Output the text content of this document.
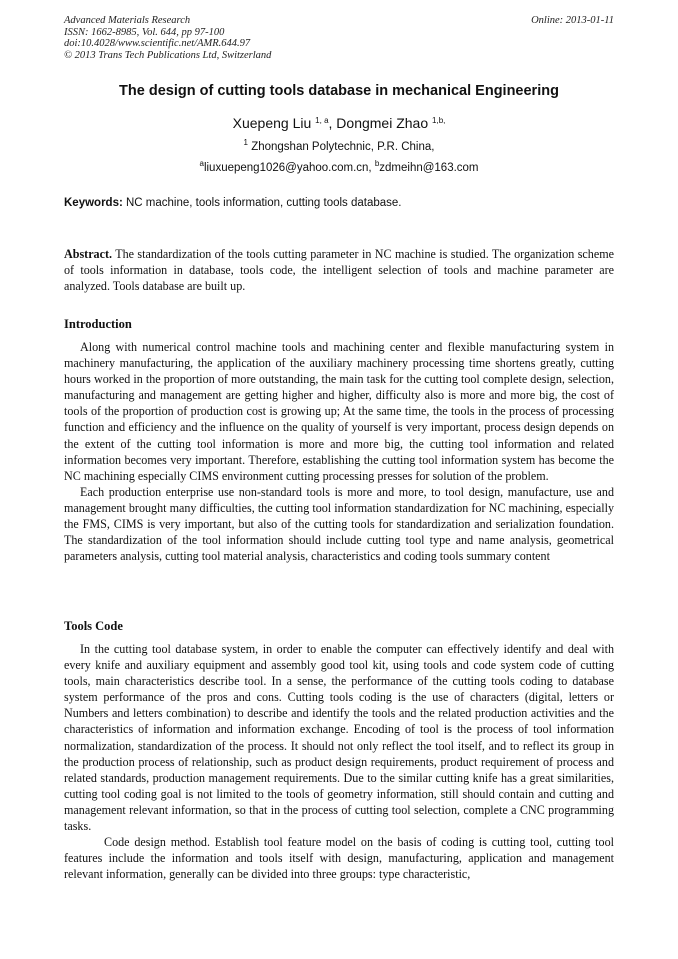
Advanced Materials Research
ISSN: 1662-8985, Vol. 644, pp 97-100
doi:10.4028/www.scientific.net/AMR.644.97
© 2013 Trans Tech Publications Ltd, Switzerland
Online: 2013-01-11
The design of cutting tools database in mechanical Engineering
Xuepeng Liu $^{1, a}$, Dongmei Zhao $^{1,b,}$
$^1$ Zhongshan Polytechnic, P.R. China,
$^a$liuxuepeng1026@yahoo.com.cn, $^b$zdmeihn@163.com
Keywords: NC machine, tools information, cutting tools database.

Abstract. The standardization of the tools cutting parameter in NC machine is studied. The organization scheme of tools information in database, tools code, the intelligent selection of tools and machine parameter are analyzed. Tools database are built up.

Introduction

Along with numerical control machine tools and machining center and flexible manufacturing system in machinery manufacturing, the application of the auxiliary machinery processing time shortens greatly, cutting hours worked in the proportion of more outstanding, the main task for the cutting tool complete design, selection, manufacturing and management are getting higher and higher, difficulty also is more and more big, the cost of tools of the proportion of production cost is growing up; At the same time, the tools in the process of processing function and efficiency and the influence on the quality of yourself is very important, process design depends on the extent of the cutting tool information is more and more big, the cutting tool information and related information becomes very important. Therefore, establishing the cutting tool information system has become the NC machining especially CIMS environment cutting processing presses for solution of the problem.

Each production enterprise use non-standard tools is more and more, to tool design, manufacture, use and management brought many difficulties, the cutting tool information standardization for NC machining, especially the FMS, CIMS is very important, but also of the cutting tools for standardization and serialization foundation. The standardization of the tool information should include cutting tool type and name analysis, geometrical parameters analysis, cutting tool material analysis, characteristics and coding tools summary content

Tools Code

In the cutting tool database system, in order to enable the computer can effectively identify and deal with every knife and auxiliary equipment and assembly good tool kit, using tools and code system code of cutting tools, main characteristics describe tool. In a sense, the performance of the cutting tools coding to database system performance of the pros and cons. Cutting tools coding is the use of characters (digital, letters or Numbers and letters combination) to describe and identify the tools and the related production activities and the characteristics of information and information exchange. Encoding of tool is the process of tool information normalization, standardization of the process. It should not only reflect the tool itself, and to reflect its group in the production process of relationship, such as product design requirements, product requirement of process and related standards, production management requirements. Due to the similar cutting knife has a great similarities, cutting tool coding goal is not limited to the tools of geometry information, still should contain and cutting and management relevant information, so that in the process of cutting tool selection, complete a CNC programming tasks.

Code design method. Establish tool feature model on the basis of coding is cutting tool, cutting tool features include the information and tools itself with design, manufacturing, application and management relevant information, generally can be divided into three groups: type characteristic,
